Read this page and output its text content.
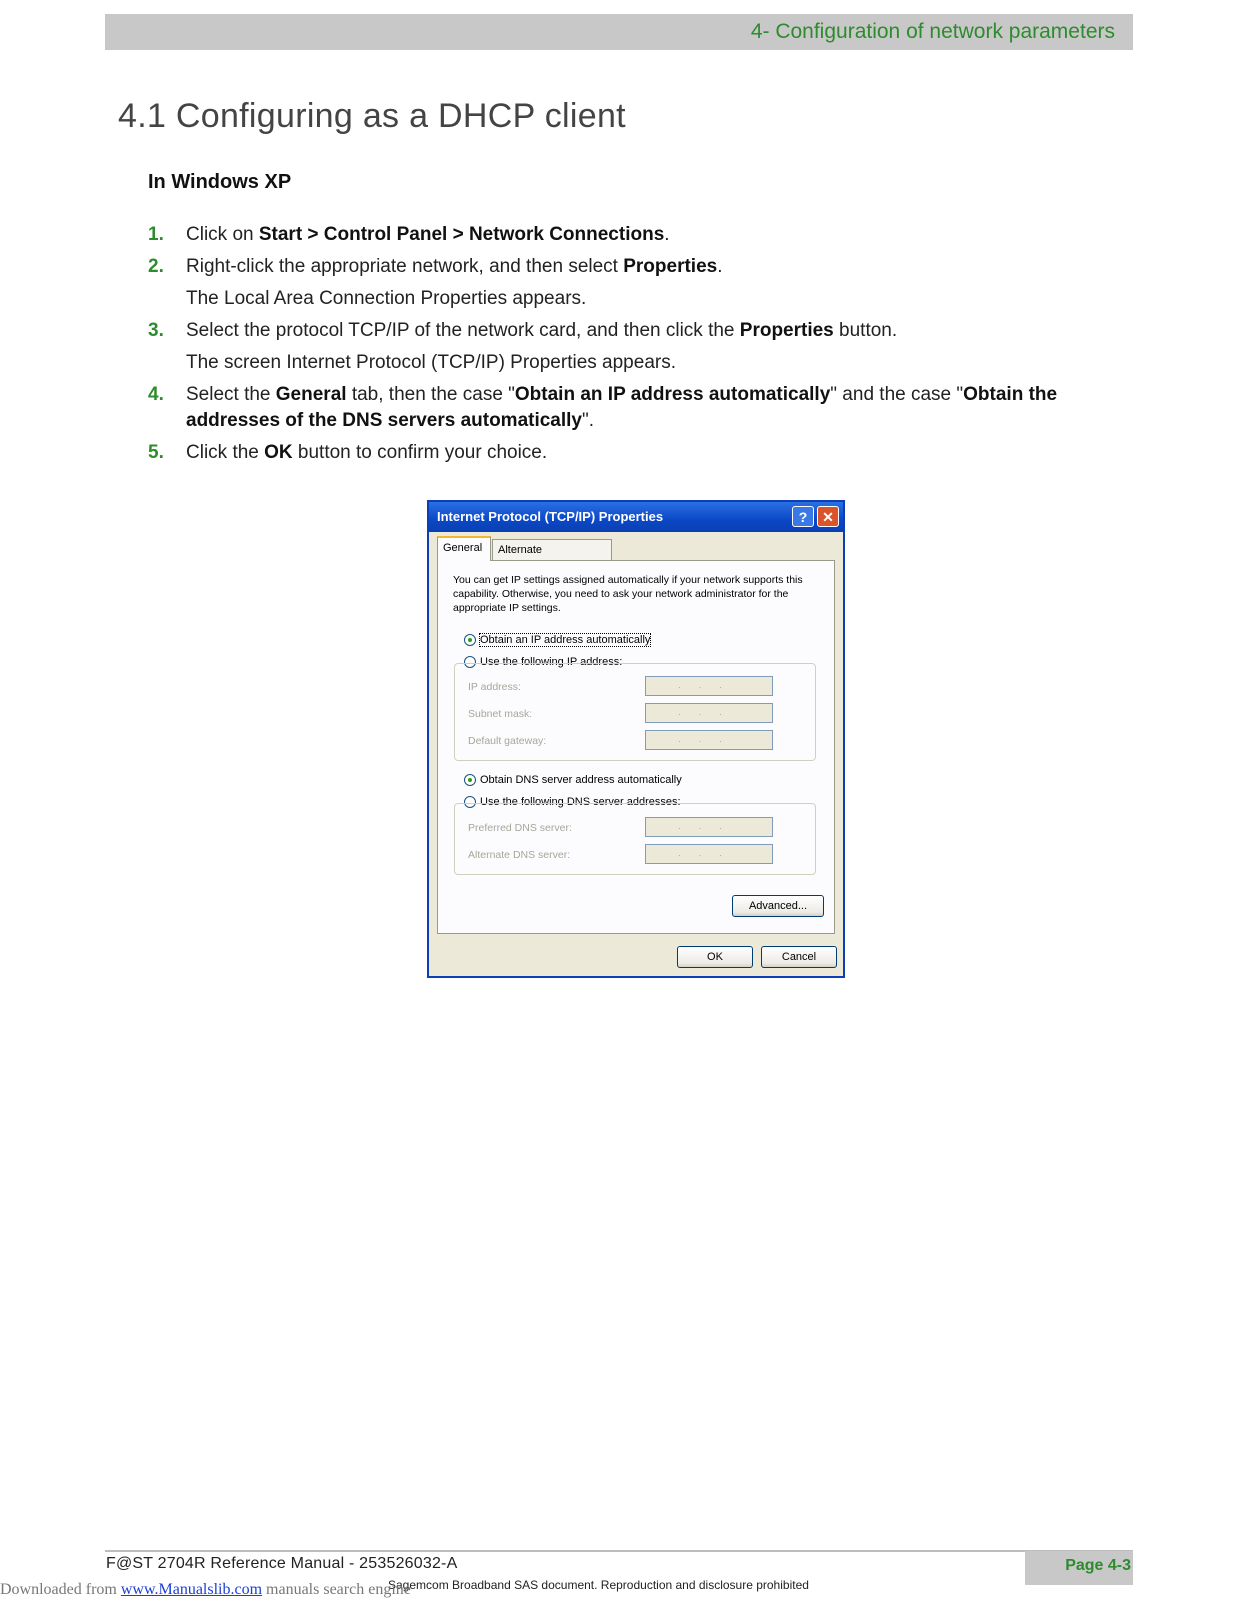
4- Configuration of network parameters
4.1 Configuring as a DHCP client
In Windows XP
1. Click on Start > Control Panel > Network Connections.
2. Right-click the appropriate network, and then select Properties.
The Local Area Connection Properties appears.
3. Select the protocol TCP/IP of the network card, and then click the Properties button.
The screen Internet Protocol (TCP/IP) Properties appears.
4. Select the General tab, then the case "Obtain an IP address automatically" and the case "Obtain the addresses of the DNS servers automatically".
5. Click the OK button to confirm your choice.
Internet Protocol (TCP/IP) Properties	?	✕
General	Alternate
You can get IP settings assigned automatically if your network supports this capability. Otherwise, you need to ask your network administrator for the appropriate IP settings.
Obtain an IP address automatically
Use the following IP address:
IP address:	...
Subnet mask:	...
Default gateway:	...
Obtain DNS server address automatically
Use the following DNS server addresses:
Preferred DNS server:	...
Alternate DNS server:	...
Advanced...
OK	Cancel
F@ST 2704R Reference Manual - 253526032-A	Page 4-3
Sagemcom Broadband SAS document. Reproduction and disclosure prohibited
Downloaded from www.Manualslib.com manuals search engine
